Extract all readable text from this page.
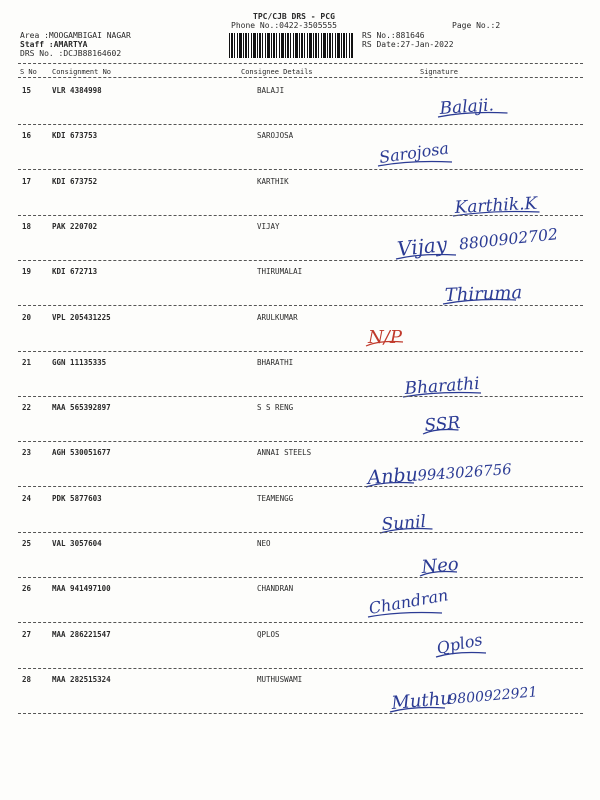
TPC/CJB DRS - PCG
Phone No.:0422-3505555	Page No.:2
Area :MOOGAMBIGAI NAGAR
Staff :AMARTYA
DRS No. :DCJB88164602
RS No.:881646
RS Date:27-Jan-2022
S No Consignment No	Consignee Details	Signature
15	VLR 4384998	BALAJI
Balaji.
16	KDI 673753	SAROJOSA
Sarojosa
17	KDI 673752	KARTHIK
Karthik.K
18	PAK 220702	VIJAY
Vijay 8800902702
19	KDI 672713	THIRUMALAI
Thiruma
20	VPL 205431225	ARULKUMAR
N/P
21	GGN 11135335	BHARATHI
Bharathi
22	MAA 565392897	S S RENG
SSR
23	AGH 530051677	ANNAI STEELS
Anbu
9943026756
24	PDK 5877603	TEAMENGG
Sunil
25	VAL 3057604	NEO
Neo
26	MAA 941497100	CHANDRAN	Chandran
27	MAA 286221547	QPLOS	Qplos
28	MAA 282515324	MUTHUSWAMI
Muthu
9800922921
